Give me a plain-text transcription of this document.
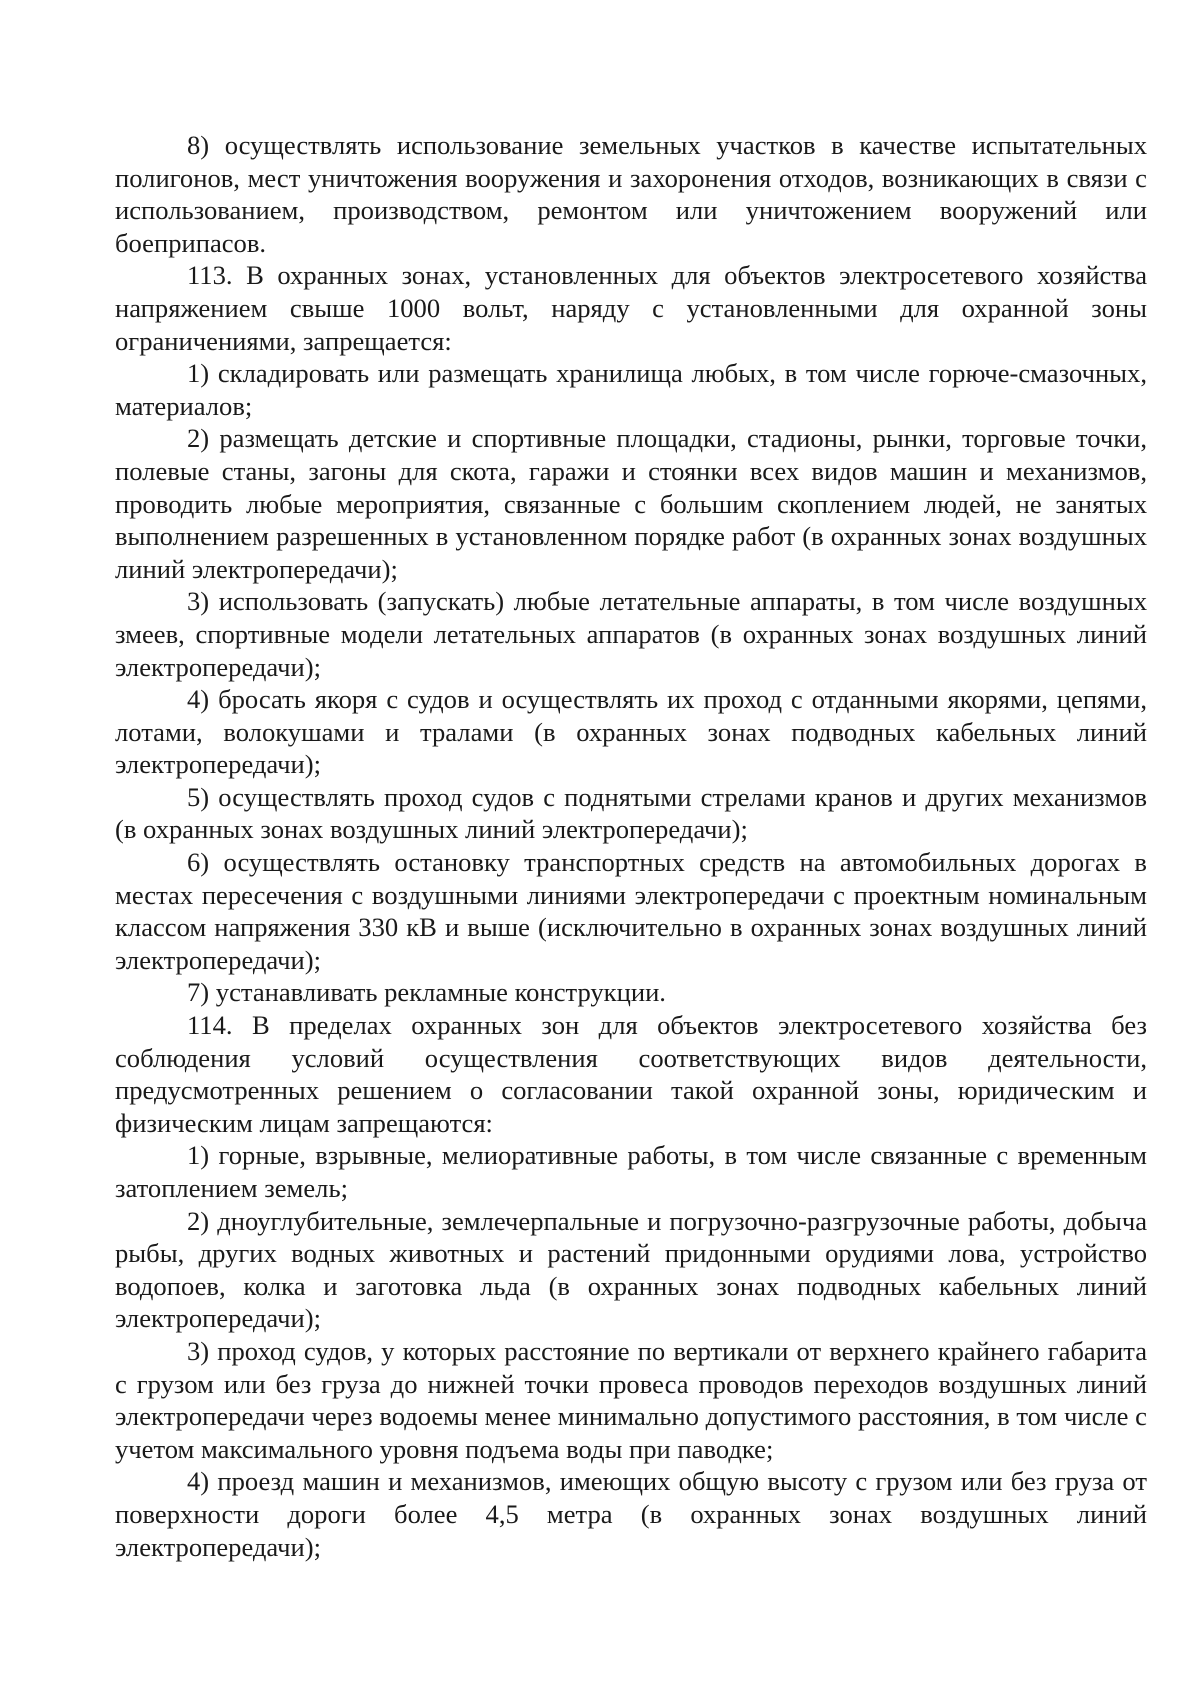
8) осуществлять использование земельных участков в качестве испытательных полигонов, мест уничтожения вооружения и захоронения отходов, возникающих в связи с использованием, производством, ремонтом или уничтожением вооружений или боеприпасов.

113. В охранных зонах, установленных для объектов электросетевого хозяйства напряжением свыше 1000 вольт, наряду с установленными для охранной зоны ограничениями, запрещается:

1) складировать или размещать хранилища любых, в том числе горюче-смазочных, материалов;

2) размещать детские и спортивные площадки, стадионы, рынки, торговые точки, полевые станы, загоны для скота, гаражи и стоянки всех видов машин и механизмов, проводить любые мероприятия, связанные с большим скоплением людей, не занятых выполнением разрешенных в установленном порядке работ (в охранных зонах воздушных линий электропередачи);

3) использовать (запускать) любые летательные аппараты, в том числе воздушных змеев, спортивные модели летательных аппаратов (в охранных зонах воздушных линий электропередачи);

4) бросать якоря с судов и осуществлять их проход с отданными якорями, цепями, лотами, волокушами и тралами (в охранных зонах подводных кабельных линий электропередачи);

5) осуществлять проход судов с поднятыми стрелами кранов и других механизмов (в охранных зонах воздушных линий электропередачи);

6) осуществлять остановку транспортных средств на автомобильных дорогах в местах пересечения с воздушными линиями электропередачи с проектным номинальным классом напряжения 330 кВ и выше (исключительно в охранных зонах воздушных линий электропередачи);

7) устанавливать рекламные конструкции.

114. В пределах охранных зон для объектов электросетевого хозяйства без соблюдения условий осуществления соответствующих видов деятельности, предусмотренных решением о согласовании такой охранной зоны, юридическим и физическим лицам запрещаются:

1) горные, взрывные, мелиоративные работы, в том числе связанные с временным затоплением земель;

2) дноуглубительные, землечерпальные и погрузочно-разгрузочные работы, добыча рыбы, других водных животных и растений придонными орудиями лова, устройство водопоев, колка и заготовка льда (в охранных зонах подводных кабельных линий электропередачи);

3) проход судов, у которых расстояние по вертикали от верхнего крайнего габарита с грузом или без груза до нижней точки провеса проводов переходов воздушных линий электропередачи через водоемы менее минимально допустимого расстояния, в том числе с учетом максимального уровня подъема воды при паводке;

4) проезд машин и механизмов, имеющих общую высоту с грузом или без груза от поверхности дороги более 4,5 метра (в охранных зонах воздушных линий электропередачи);
